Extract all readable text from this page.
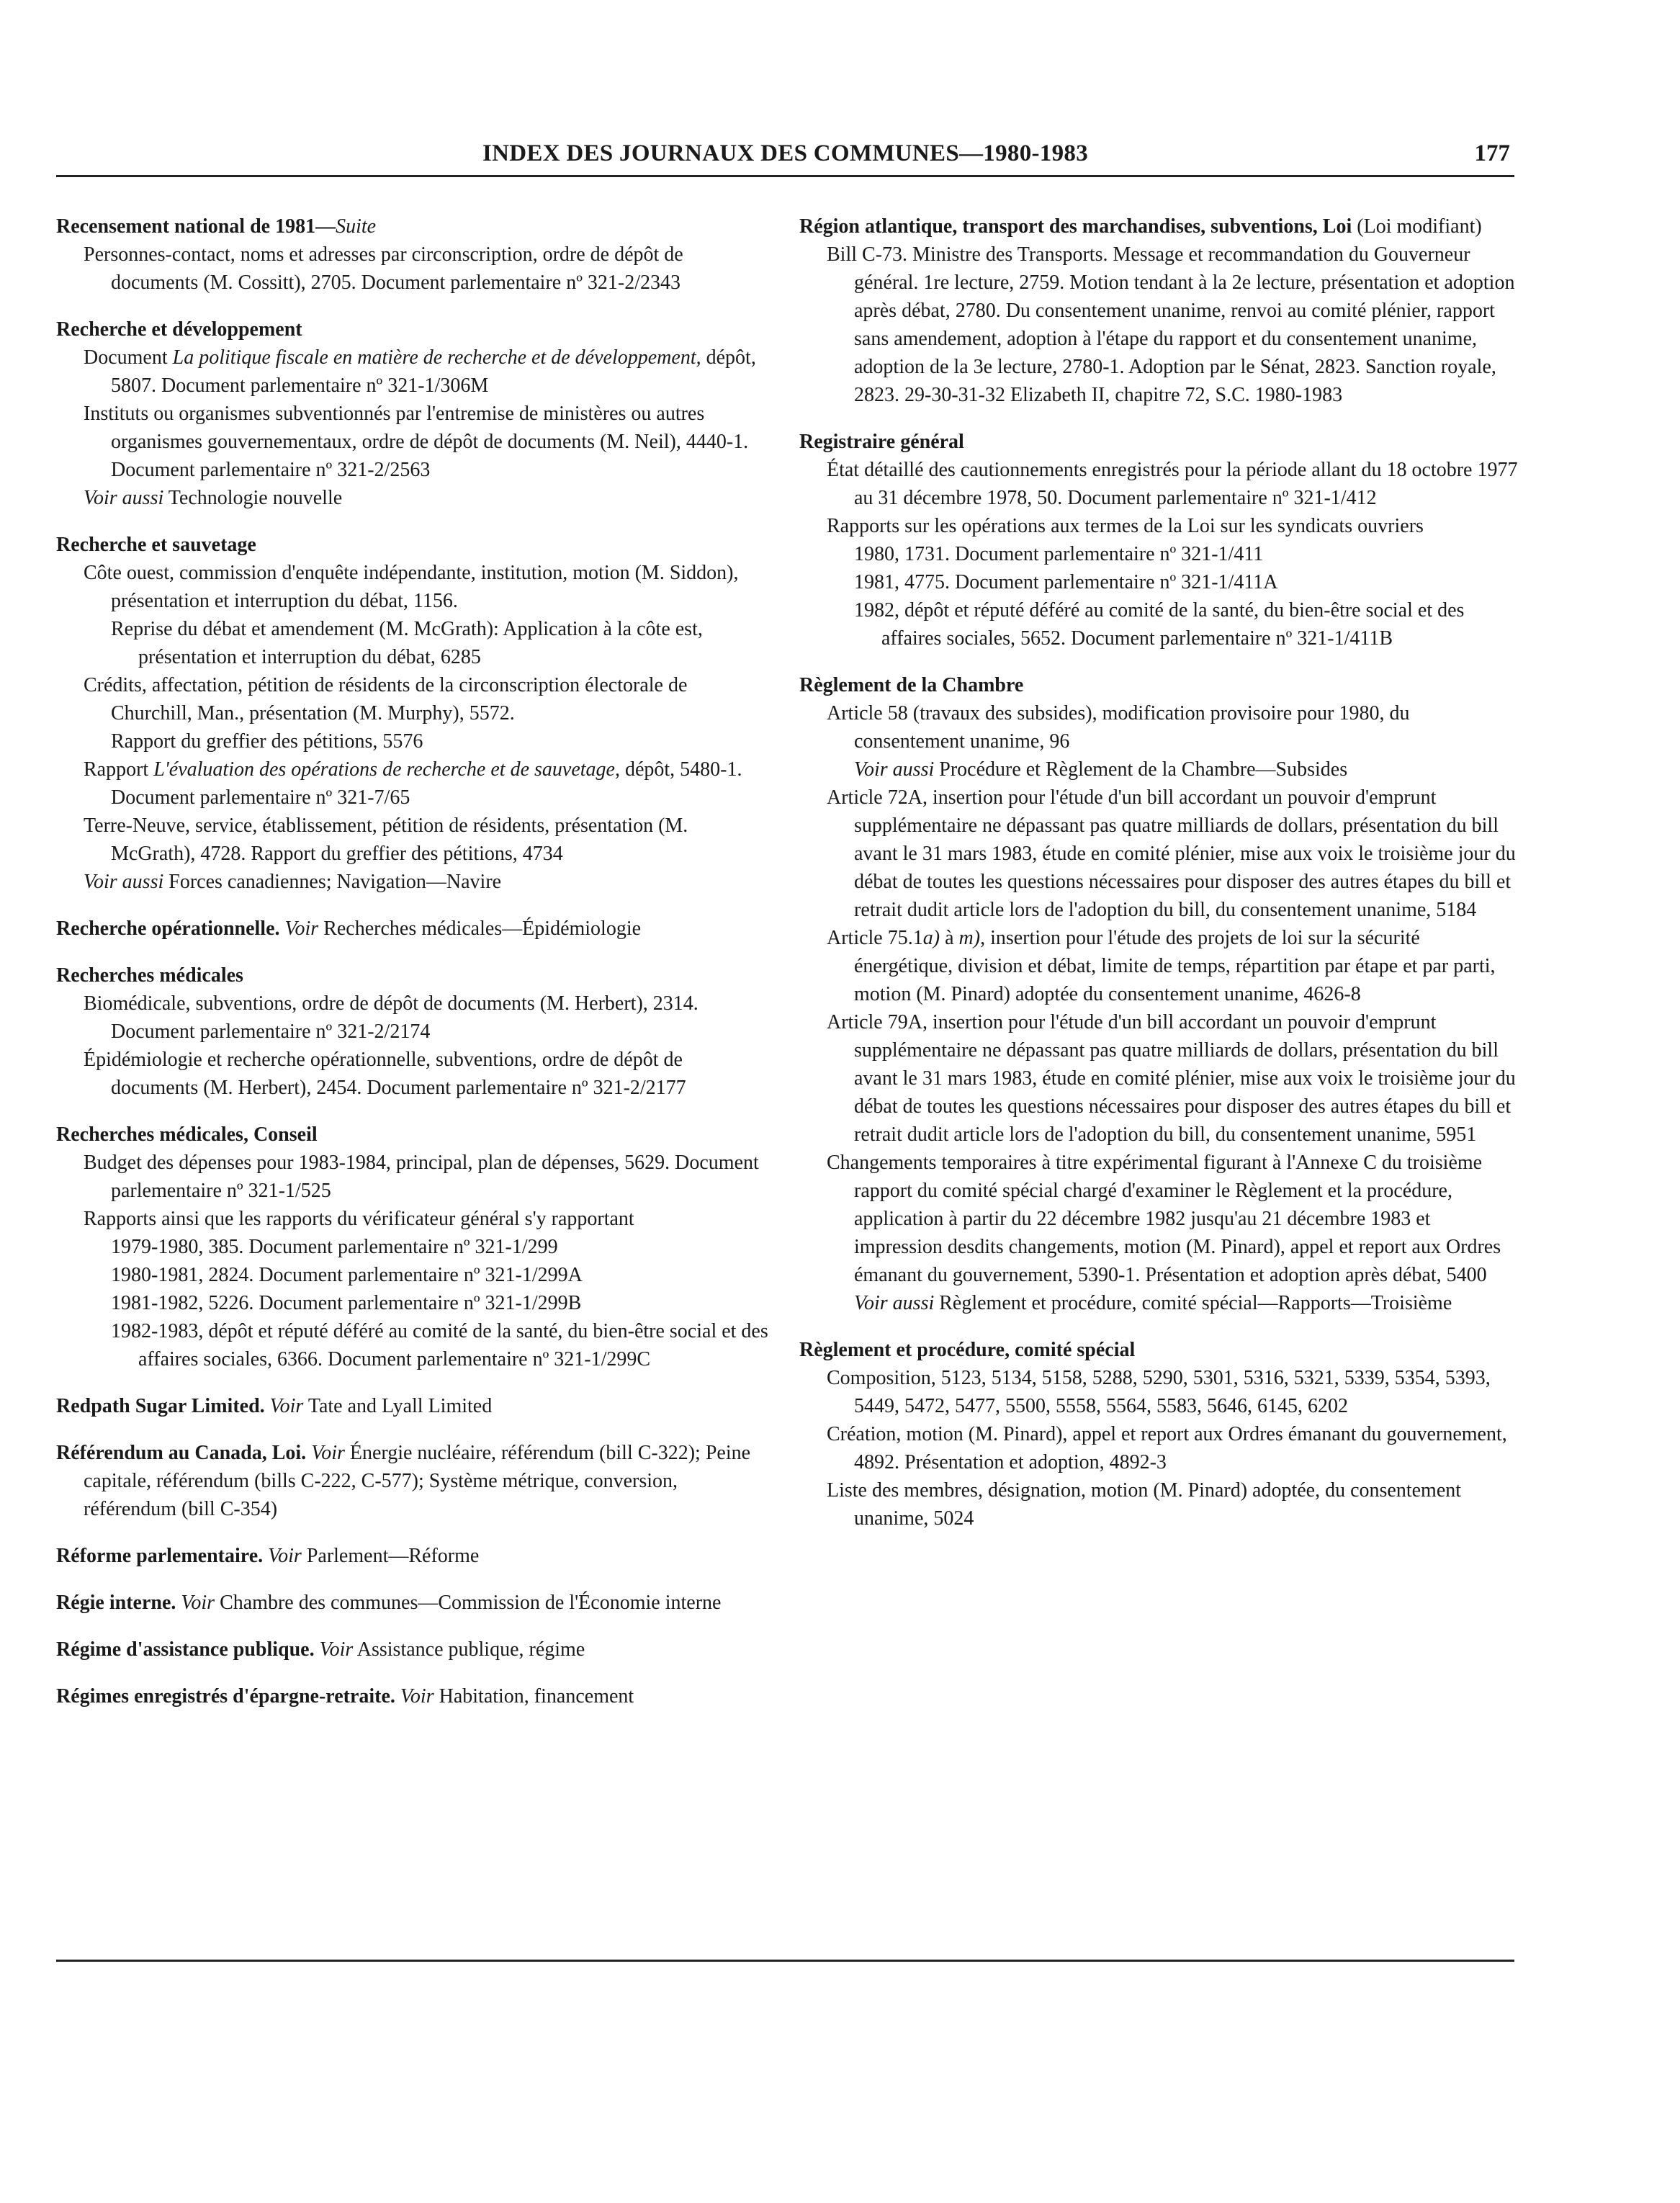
INDEX DES JOURNAUX DES COMMUNES—1980-1983	177
Recensement national de 1981—Suite
Personnes-contact, noms et adresses par circonscription, ordre de dépôt de documents (M. Cossitt), 2705. Document parlementaire nº 321-2/2343
Recherche et développement
Document La politique fiscale en matière de recherche et de développement, dépôt, 5807. Document parlementaire nº 321-1/306M
Instituts ou organismes subventionnés par l'entremise de ministères ou autres organismes gouvernementaux, ordre de dépôt de documents (M. Neil), 4440-1. Document parlementaire nº 321-2/2563
Voir aussi Technologie nouvelle
Recherche et sauvetage
Côte ouest, commission d'enquête indépendante, institution, motion (M. Siddon), présentation et interruption du débat, 1156.
Reprise du débat et amendement (M. McGrath): Application à la côte est, présentation et interruption du débat, 6285
Crédits, affectation, pétition de résidents de la circonscription électorale de Churchill, Man., présentation (M. Murphy), 5572.
Rapport du greffier des pétitions, 5576
Rapport L'évaluation des opérations de recherche et de sauvetage, dépôt, 5480-1. Document parlementaire nº 321-7/65
Terre-Neuve, service, établissement, pétition de résidents, présentation (M. McGrath), 4728. Rapport du greffier des pétitions, 4734
Voir aussi Forces canadiennes; Navigation—Navire
Recherche opérationnelle. Voir Recherches médicales—Épidémiologie
Recherches médicales
Biomédicale, subventions, ordre de dépôt de documents (M. Herbert), 2314. Document parlementaire nº 321-2/2174
Épidémiologie et recherche opérationnelle, subventions, ordre de dépôt de documents (M. Herbert), 2454. Document parlementaire nº 321-2/2177
Recherches médicales, Conseil
Budget des dépenses pour 1983-1984, principal, plan de dépenses, 5629. Document parlementaire nº 321-1/525
Rapports ainsi que les rapports du vérificateur général s'y rapportant
1979-1980, 385. Document parlementaire nº 321-1/299
1980-1981, 2824. Document parlementaire nº 321-1/299A
1981-1982, 5226. Document parlementaire nº 321-1/299B
1982-1983, dépôt et réputé déféré au comité de la santé, du bien-être social et des affaires sociales, 6366. Document parlementaire nº 321-1/299C
Redpath Sugar Limited. Voir Tate and Lyall Limited
Référendum au Canada, Loi. Voir Énergie nucléaire, référendum (bill C-322); Peine capitale, référendum (bills C-222, C-577); Système métrique, conversion, référendum (bill C-354)
Réforme parlementaire. Voir Parlement—Réforme
Régie interne. Voir Chambre des communes—Commission de l'Économie interne
Régime d'assistance publique. Voir Assistance publique, régime
Régimes enregistrés d'épargne-retraite. Voir Habitation, financement
Région atlantique, transport des marchandises, subventions, Loi (Loi modifiant)
Bill C-73. Ministre des Transports. Message et recommandation du Gouverneur général. 1re lecture, 2759. Motion tendant à la 2e lecture, présentation et adoption après débat, 2780. Du consentement unanime, renvoi au comité plénier, rapport sans amendement, adoption à l'étape du rapport et du consentement unanime, adoption de la 3e lecture, 2780-1. Adoption par le Sénat, 2823. Sanction royale, 2823. 29-30-31-32 Elizabeth II, chapitre 72, S.C. 1980-1983
Registraire général
État détaillé des cautionnements enregistrés pour la période allant du 18 octobre 1977 au 31 décembre 1978, 50. Document parlementaire nº 321-1/412
Rapports sur les opérations aux termes de la Loi sur les syndicats ouvriers
1980, 1731. Document parlementaire nº 321-1/411
1981, 4775. Document parlementaire nº 321-1/411A
1982, dépôt et réputé déféré au comité de la santé, du bien-être social et des affaires sociales, 5652. Document parlementaire nº 321-1/411B
Règlement de la Chambre
Article 58 (travaux des subsides), modification provisoire pour 1980, du consentement unanime, 96
Voir aussi Procédure et Règlement de la Chambre—Subsides
Article 72A, insertion pour l'étude d'un bill accordant un pouvoir d'emprunt supplémentaire ne dépassant pas quatre milliards de dollars, présentation du bill avant le 31 mars 1983, étude en comité plénier, mise aux voix le troisième jour du débat de toutes les questions nécessaires pour disposer des autres étapes du bill et retrait dudit article lors de l'adoption du bill, du consentement unanime, 5184
Article 75.1a) à m), insertion pour l'étude des projets de loi sur la sécurité énergétique, division et débat, limite de temps, répartition par étape et par parti, motion (M. Pinard) adoptée du consentement unanime, 4626-8
Article 79A, insertion pour l'étude d'un bill accordant un pouvoir d'emprunt supplémentaire ne dépassant pas quatre milliards de dollars, présentation du bill avant le 31 mars 1983, étude en comité plénier, mise aux voix le troisième jour du débat de toutes les questions nécessaires pour disposer des autres étapes du bill et retrait dudit article lors de l'adoption du bill, du consentement unanime, 5951
Changements temporaires à titre expérimental figurant à l'Annexe C du troisième rapport du comité spécial chargé d'examiner le Règlement et la procédure, application à partir du 22 décembre 1982 jusqu'au 21 décembre 1983 et impression desdits changements, motion (M. Pinard), appel et report aux Ordres émanant du gouvernement, 5390-1. Présentation et adoption après débat, 5400
Voir aussi Règlement et procédure, comité spécial—Rapports—Troisième
Règlement et procédure, comité spécial
Composition, 5123, 5134, 5158, 5288, 5290, 5301, 5316, 5321, 5339, 5354, 5393, 5449, 5472, 5477, 5500, 5558, 5564, 5583, 5646, 6145, 6202
Création, motion (M. Pinard), appel et report aux Ordres émanant du gouvernement, 4892. Présentation et adoption, 4892-3
Liste des membres, désignation, motion (M. Pinard) adoptée, du consentement unanime, 5024
